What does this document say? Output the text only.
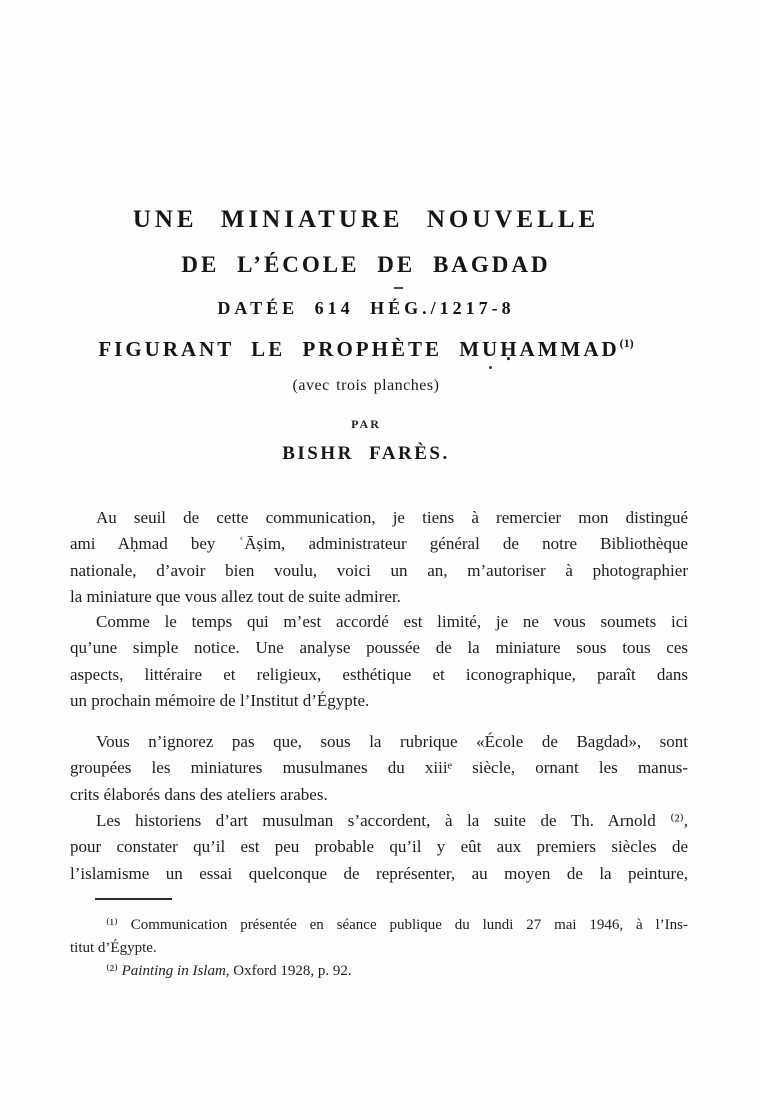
UNE MINIATURE NOUVELLE
DE L’ÉCOLE DE BAGDAD
DATÉE 614 HÉG./1217-8
FIGURANT LE PROPHÈTE MUḤAMMAD$^{(1)}$
(avec trois planches)
PAR
BISHR FARÈS.
Au seuil de cette communication, je tiens à remercier mon distingué
ami Aḥmad bey ʿĀṣim, administrateur général de notre Bibliothèque
nationale, d’avoir bien voulu, voici un an, m’autoriser à photographier
la miniature que vous allez tout de suite admirer.
Comme le temps qui m’est accordé est limité, je ne vous soumets ici
qu’une simple notice. Une analyse poussée de la miniature sous tous ces
aspects, littéraire et religieux, esthétique et iconographique, paraît dans
un prochain mémoire de l’Institut d’Égypte.
Vous n’ignorez pas que, sous la rubrique «École de Bagdad», sont
groupées les miniatures musulmanes du xiiiᵉ siècle, ornant les manus-
crits élaborés dans des ateliers arabes.
Les historiens d’art musulman s’accordent, à la suite de Th. Arnold ⁽²⁾,
pour constater qu’il est peu probable qu’il y eût aux premiers siècles de
l’islamisme un essai quelconque de représenter, au moyen de la peinture,
⁽¹⁾ Communication présentée en séance publique du lundi 27 mai 1946, à l’Ins-
titut d’Égypte.
⁽²⁾ Painting in Islam, Oxford 1928, p. 92.
